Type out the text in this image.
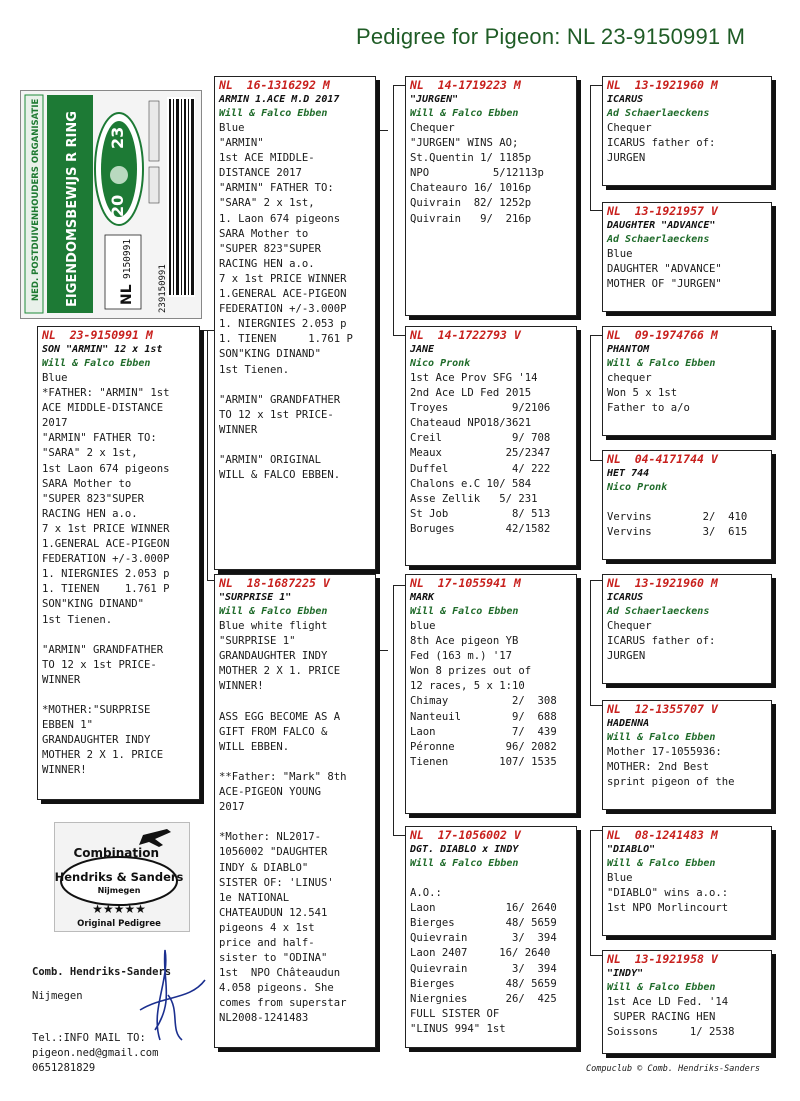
Pedigree for Pigeon: NL 23-9150991 M
NED. POSTDUIVENHOUDERS ORGANISATIE EIGENDOMSBEWIJS R RING 20
23
NL
9150991
239150991
NL  23-9150991 M
SON "ARMIN" 12 x 1st
Will & Falco Ebben
Blue
*FATHER: "ARMIN" 1st
ACE MIDDLE-DISTANCE
2017
"ARMIN" FATHER TO:
"SARA" 2 x 1st,
1st Laon 674 pigeons
SARA Mother to
"SUPER 823"SUPER
RACING HEN a.o.
7 x 1st PRICE WINNER
1.GENERAL ACE-PIGEON
FEDERATION +/-3.000P
1. NIERGNIES 2.053 p
1. TIENEN    1.761 P
SON"KING DINAND"
1st Tienen.

"ARMIN" GRANDFATHER
TO 12 x 1st PRICE-
WINNER

*MOTHER:"SURPRISE
EBBEN 1"
GRANDAUGHTER INDY
MOTHER 2 X 1. PRICE
WINNER!
NL  16-1316292 M
ARMIN 1.ACE M.D 2017
Will & Falco Ebben
Blue
"ARMIN"
1st ACE MIDDLE-
DISTANCE 2017
"ARMIN" FATHER TO:
"SARA" 2 x 1st,
1. Laon 674 pigeons
SARA Mother to
"SUPER 823"SUPER
RACING HEN a.o.
7 x 1st PRICE WINNER
1.GENERAL ACE-PIGEON
FEDERATION +/-3.000P
1. NIERGNIES 2.053 p
1. TIENEN     1.761 P
SON"KING DINAND"
1st Tienen.

"ARMIN" GRANDFATHER
TO 12 x 1st PRICE-
WINNER

"ARMIN" ORIGINAL
WILL & FALCO EBBEN.
NL  18-1687225 V
"SURPRISE 1"
Will & Falco Ebben
Blue white flight
"SURPRISE 1"
GRANDAUGHTER INDY
MOTHER 2 X 1. PRICE
WINNER!

ASS EGG BECOME AS A
GIFT FROM FALCO &
WILL EBBEN.

**Father: "Mark" 8th
ACE-PIGEON YOUNG
2017

*Mother: NL2017-
1056002 "DAUGHTER
INDY & DIABLO"
SISTER OF: 'LINUS'
1e NATIONAL
CHATEAUDUN 12.541
pigeons 4 x 1st
price and half-
sister to "ODINA"
1st  NPO Châteaudun
4.058 pigeons. She
comes from superstar
NL2008-1241483
NL  14-1719223 M
"JURGEN"
Will & Falco Ebben
Chequer
"JURGEN" WINS AO;
St.Quentin 1/ 1185p
NPO          5/12113p
Chateauro 16/ 1016p
Quivrain  82/ 1252p
Quivrain   9/  216p
NL  14-1722793 V
JANE
Nico Pronk
1st Ace Prov SFG '14
2nd Ace LD Fed 2015
Troyes          9/2106
Chateaud NPO18/3621
Creil           9/ 708
Meaux          25/2347
Duffel          4/ 222
Chalons e.C 10/ 584
Asse Zellik   5/ 231
St Job          8/ 513
Boruges        42/1582
NL  17-1055941 M
MARK
Will & Falco Ebben
blue
8th Ace pigeon YB
Fed (163 m.) '17
Won 8 prizes out of
12 races, 5 x 1:10
Chimay          2/  308
Nanteuil        9/  688
Laon            7/  439
Péronne        96/ 2082
Tienen        107/ 1535
NL  17-1056002 V
DGT. DIABLO x INDY
Will & Falco Ebben

A.O.:
Laon           16/ 2640
Bierges        48/ 5659
Quievrain       3/  394
Laon 2407     16/ 2640
Quievrain       3/  394
Bierges        48/ 5659
Niergnies      26/  425
FULL SISTER OF
"LINUS 994" 1st
NL  13-1921960 M
ICARUS
Ad Schaerlaeckens
Chequer
ICARUS father of:
JURGEN
NL  13-1921957 V
DAUGHTER "ADVANCE"
Ad Schaerlaeckens
Blue
DAUGHTER "ADVANCE"
MOTHER OF "JURGEN"
NL  09-1974766 M
PHANTOM
Will & Falco Ebben
chequer
Won 5 x 1st
Father to a/o
NL  04-4171744 V
HET 744
Nico Pronk

Vervins        2/  410
Vervins        3/  615
NL  13-1921960 M
ICARUS
Ad Schaerlaeckens
Chequer
ICARUS father of:
JURGEN
NL  12-1355707 V
HADENNA
Will & Falco Ebben
Mother 17-1055936:
MOTHER: 2nd Best
sprint pigeon of the
NL  08-1241483 M
"DIABLO"
Will & Falco Ebben
Blue
"DIABLO" wins a.o.:
1st NPO Morlincourt
NL  13-1921958 V
"INDY"
Will & Falco Ebben
1st Ace LD Fed. '14
SUPER RACING HEN
Soissons     1/ 2538
Combination
Hendriks & Sanders
Nijmegen
★★★★★
Original Pedigree
Comb. Hendriks-Sanders
Nijmegen
Tel.:INFO MAIL TO:
pigeon.ned@gmail.com
0651281829	Compuclub © Comb. Hendriks-Sanders
